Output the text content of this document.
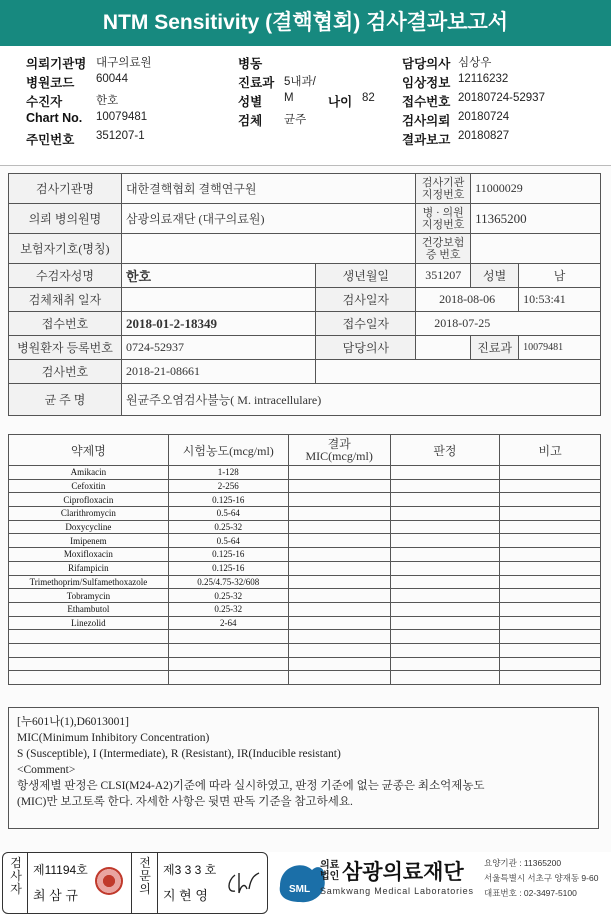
NTM Sensitivity (결핵협회) 검사결과보고서
의뢰기관명 대구의료원
병원코드 60044
수진자	한호
Chart No. 10079481
주민번호 351207-1
병동
진료과 5내과/
성별 M	나이 82
검체 균주
담당의사 심상우
임상정보 12116232
접수번호 20180724-52937
검사의뢰 20180724
결과보고 20180827
검사기관명	대한결핵협회 결핵연구원		검사기관 지정번호	11000029	
의뢰 병의원명	삼광의료재단 (대구의료원)		병 · 의원 지정번호	11365200	
보험자기호(명칭)			건강보험 증 번호		
수검자성명	한호	생년월일	351207	성별	남
검체채취 일자		검사일자	2018-08-06		10:53:41
접수번호	2018-01-2-18349	접수일자	2018-07-25		
병원환자 등록번호	0724-52937	담당의사		진료과	10079481
검사번호	2018-21-08661				
균 주 명	원균주오염검사불능( M. intracellulare)				
약제명	시험농도(mcg/ml)	결과
MIC(mcg/ml)	판정	비고
Amikacin	1-128			
Cefoxitin	2-256			
Ciprofloxacin	0.125-16			
Clarithromycin	0.5-64			
Doxycycline	0.25-32			
Imipenem	0.5-64			
Moxifloxacin	0.125-16			
Rifampicin	0.125-16			
Trimethoprim/Sulfamethoxazole	0.25/4.75-32/608			
Tobramycin	0.25-32			
Ethambutol	0.25-32			
Linezolid	2-64			

[누601나(1),D6013001]
MIC(Minimum Inhibitory Concentration)
S (Susceptible), I (Intermediate), R (Resistant), IR(Inducible resistant)
<Comment>
항생제별 판정은 CLSI(M24-A2)기준에 따라 실시하였고, 판정 기준에 없는 균종은 최소억제농도
(MIC)만 보고토록 한다. 자세한 사항은 뒷면 판독 기준을 참고하세요.
검사자
제11194호
최 삼 규
전문의
제3 3 3 호
지 현 영	SML
의료
법인 삼광의료재단
Samkwang Medical Laboratories
요양기관 : 11365200
서울특별시 서초구 양재동 9-60
대표번호 : 02-3497-5100
